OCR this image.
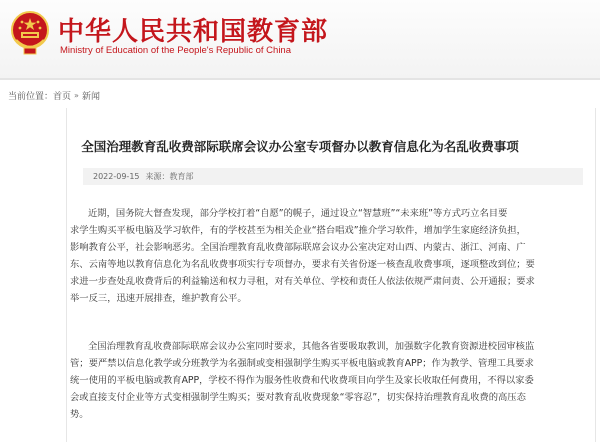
中华人民共和国教育部
Ministry of Education of the People's Republic of China
当前位置： 首页 » 新闻
全国治理教育乱收费部际联席会议办公室专项督办以教育信息化为名乱收费事项
2022-09-15 来源：教育部
近期，国务院大督查发现，部分学校打着“自愿”的幌子，通过设立“智慧班”“未来班”等方式巧立名目要
求学生购买平板电脑及学习软件，有的学校甚至为相关企业“搭台唱戏”推介学习软件，增加学生家庭经济负担，
影响教育公平，社会影响恶劣。全国治理教育乱收费部际联席会议办公室决定对山西、内蒙古、浙江、河南、广
东、云南等地以教育信息化为名乱收费事项实行专项督办，要求有关省份逐一核查乱收费事项，逐项整改到位；要
求进一步查处乱收费背后的利益输送和权力寻租，对有关单位、学校和责任人依法依规严肃问责、公开通报；要求
举一反三，迅速开展排查，维护教育公平。
全国治理教育乱收费部际联席会议办公室同时要求，其他各省要吸取教训，加强数字化教育资源进校园审核监
管；要严禁以信息化教学或分班教学为名强制或变相强制学生购买平板电脑或教育APP；作为教学、管理工具要求
统一使用的平板电脑或教育APP，学校不得作为服务性收费和代收费项目向学生及家长收取任何费用，不得以家委
会或直接支付企业等方式变相强制学生购买；要对教育乱收费现象“零容忍”，切实保持治理教育乱收费的高压态
势。
